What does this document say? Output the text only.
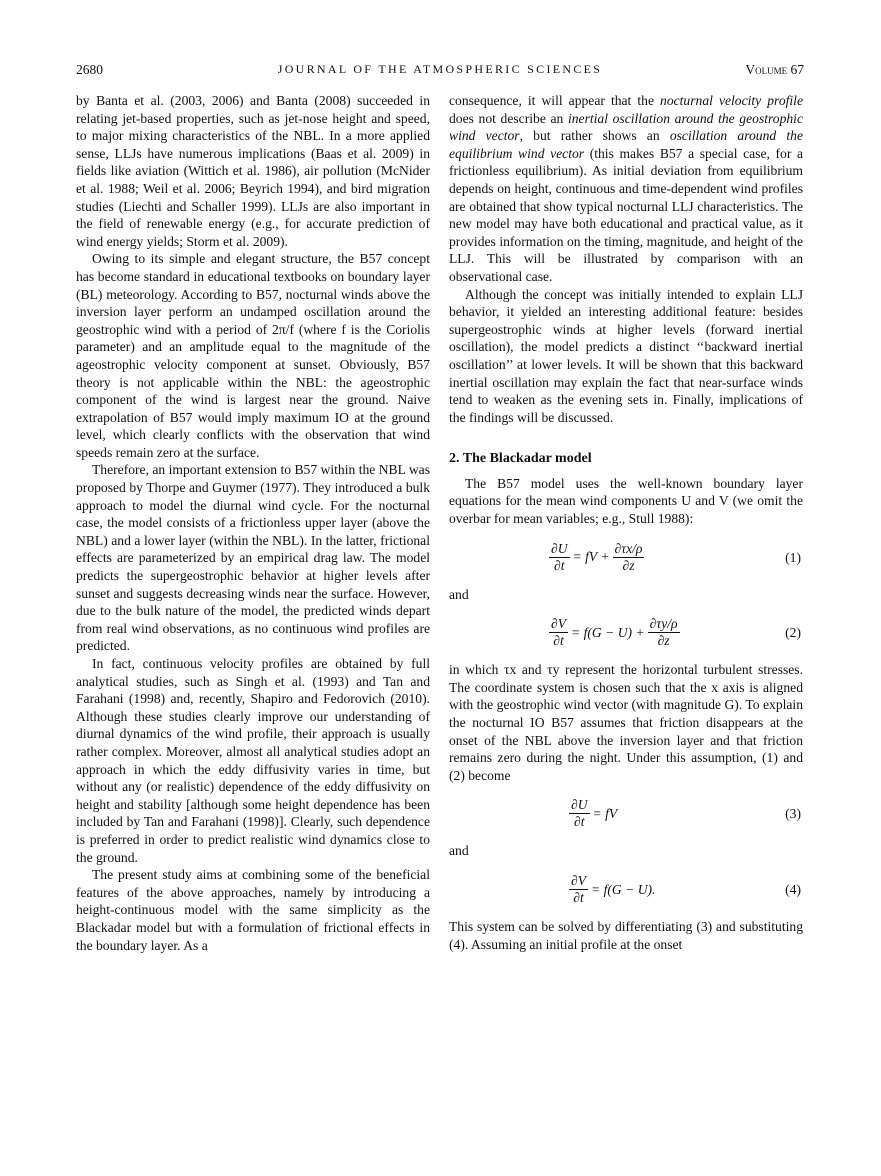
2680	JOURNAL OF THE ATMOSPHERIC SCIENCES	Volume 67

by Banta et al. (2003, 2006) and Banta (2008) succeeded in relating jet-based properties, such as jet-nose height and speed, to major mixing characteristics of the NBL. In a more applied sense, LLJs have numerous implications (Baas et al. 2009) in fields like aviation (Wittich et al. 1986), air pollution (McNider et al. 1988; Weil et al. 2006; Beyrich 1994), and bird migration studies (Liechti and Schaller 1999). LLJs are also important in the field of renewable energy (e.g., for accurate prediction of wind energy yields; Storm et al. 2009).

Owing to its simple and elegant structure, the B57 concept has become standard in educational textbooks on boundary layer (BL) meteorology. According to B57, nocturnal winds above the inversion layer perform an undamped oscillation around the geostrophic wind with a period of 2π/f (where f is the Coriolis parameter) and an amplitude equal to the magnitude of the ageostrophic velocity component at sunset. Obviously, B57 theory is not applicable within the NBL: the ageostrophic component of the wind is largest near the ground. Naive extrapolation of B57 would imply maximum IO at the ground level, which clearly conflicts with the observation that wind speeds remain zero at the surface.

Therefore, an important extension to B57 within the NBL was proposed by Thorpe and Guymer (1977). They introduced a bulk approach to model the diurnal wind cycle. For the nocturnal case, the model consists of a frictionless upper layer (above the NBL) and a lower layer (within the NBL). In the latter, frictional effects are parameterized by an empirical drag law. The model predicts the supergeostrophic behavior at higher levels after sunset and suggests decreasing winds near the surface. However, due to the bulk nature of the model, the predicted winds depart from real wind observations, as no continuous wind profiles are predicted.

In fact, continuous velocity profiles are obtained by full analytical studies, such as Singh et al. (1993) and Tan and Farahani (1998) and, recently, Shapiro and Fedorovich (2010). Although these studies clearly improve our understanding of diurnal dynamics of the wind profile, their approach is usually rather complex. Moreover, almost all analytical studies adopt an approach in which the eddy diffusivity varies in time, but without any (or realistic) dependence of the eddy diffusivity on height and stability [although some height dependence has been included by Tan and Farahani (1998)]. Clearly, such dependence is preferred in order to predict realistic wind dynamics close to the ground.

The present study aims at combining some of the beneficial features of the above approaches, namely by introducing a height-continuous model with the same simplicity as the Blackadar model but with a formulation of frictional effects in the boundary layer. As a

consequence, it will appear that the nocturnal velocity profile does not describe an inertial oscillation around the geostrophic wind vector, but rather shows an oscillation around the equilibrium wind vector (this makes B57 a special case, for a frictionless equilibrium). As initial deviation from equilibrium depends on height, continuous and time-dependent wind profiles are obtained that show typical nocturnal LLJ characteristics. The new model may have both educational and practical value, as it provides information on the timing, magnitude, and height of the LLJ. This will be illustrated by comparison with an observational case.

Although the concept was initially intended to explain LLJ behavior, it yielded an interesting additional feature: besides supergeostrophic winds at higher levels (forward inertial oscillation), the model predicts a distinct ‘‘backward inertial oscillation’’ at lower levels. It will be shown that this backward inertial oscillation may explain the fact that near-surface winds tend to weaken as the evening sets in. Finally, implications of the findings will be discussed.

2. The Blackadar model

The B57 model uses the well-known boundary layer equations for the mean wind components U and V (we omit the overbar for mean variables; e.g., Stull 1988):

$\frac{\partial U}{\partial t}$ = fV + $\frac{\partial\tau x/\rho}{\partial z}$	(1)

and

$\frac{\partial V}{\partial t} = f(G - U) + \frac{\partial\tau y/\rho}{\partial z}$	(2)

in which τx and τy represent the horizontal turbulent stresses. The coordinate system is chosen such that the x axis is aligned with the geostrophic wind vector (with magnitude G). To explain the nocturnal IO B57 assumes that friction disappears at the onset of the NBL above the inversion layer and that friction remains zero during the night. Under this assumption, (1) and (2) become

$\frac{\partial U}{\partial t}$ = fV	(3)

and

$\frac{\partial V}{\partial t} = f(G - U)$.	(4)

This system can be solved by differentiating (3) and substituting (4). Assuming an initial profile at the onset
